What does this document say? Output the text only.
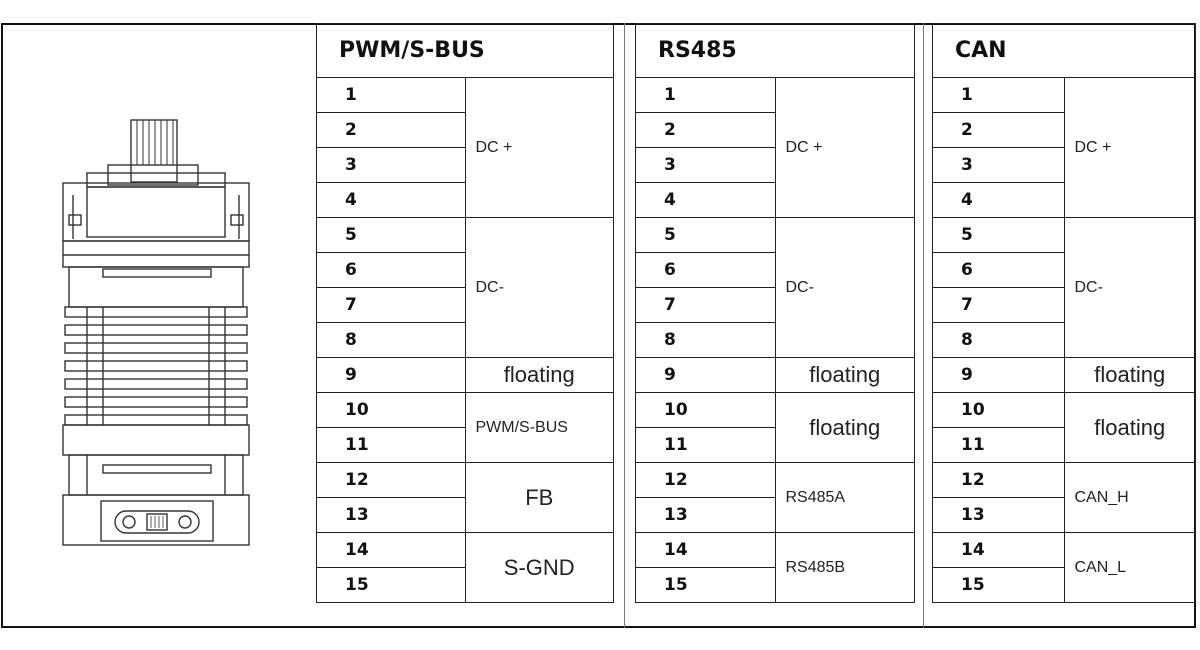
PWM/S-BUS	
1	DC +
2	
3	
4	
5	DC-
6	
7	
8	
9	floating
10	PWM/S-BUS
11	
12	FB
13	
14	S-GND
15	
RS485	
1	DC +
2	
3	
4	
5	DC-
6	
7	
8	
9	floating
10	floating
11	
12	RS485A
13	
14	RS485B
15	
CAN	
1	DC +
2	
3	
4	
5	DC-
6	
7	
8	
9	floating
10	floating
11	
12	CAN_H
13	
14	CAN_L
15	
